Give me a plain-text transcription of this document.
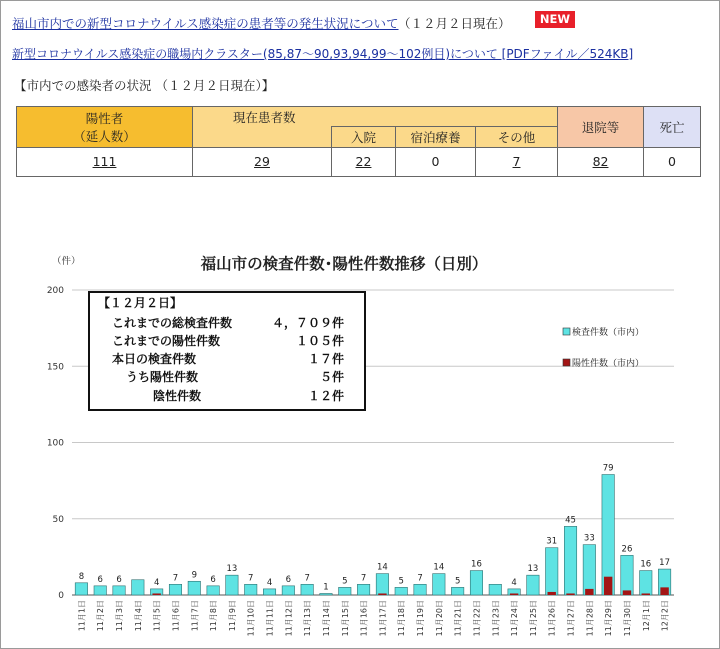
福山市内での新型コロナウイルス感染症の患者等の発生状況について （１２月２日現在）	NEW
新型コロナウイルス感染症の職場内クラスター(85,87～90,93,94,99～102例目)について [PDFファイル／524KB]
【市内での感染者の状況 （１２月２日現在）】
陽性者
（延人数）	現在患者数				退院等	死亡
		入院	宿泊療養	その他		
111	29	22	0	7	82	0
福山市の検査件数･陽性件数推移（日別）
（件）
0
50
100
150
200
8 6 6	4 7 9 6
13
7 4 6 7
1
5 7
14
5 7
14
5
16
4
13
31
45
33
79
26
16 17
11月1日 11月2日 11月3日 11月4日 11月5日 11月6日 11月7日 11月8日 11月9日 11月10日 11月11日 11月12日 11月13日 11月14日 11月15日 11月16日 11月17日 11月18日 11月19日 11月20日 11月21日 11月22日 11月23日 11月24日 11月25日 11月26日 11月27日 11月28日 11月29日 11月30日 12月1日 12月2日
検査件数（市内）
陽性件数（市内）
【１２月２日】
これまでの総検査件数	４，７０９件
これまでの陽性件数	１０５件
本日の検査件数	１７件
うち陽性件数	５件
陰性件数	１２件
